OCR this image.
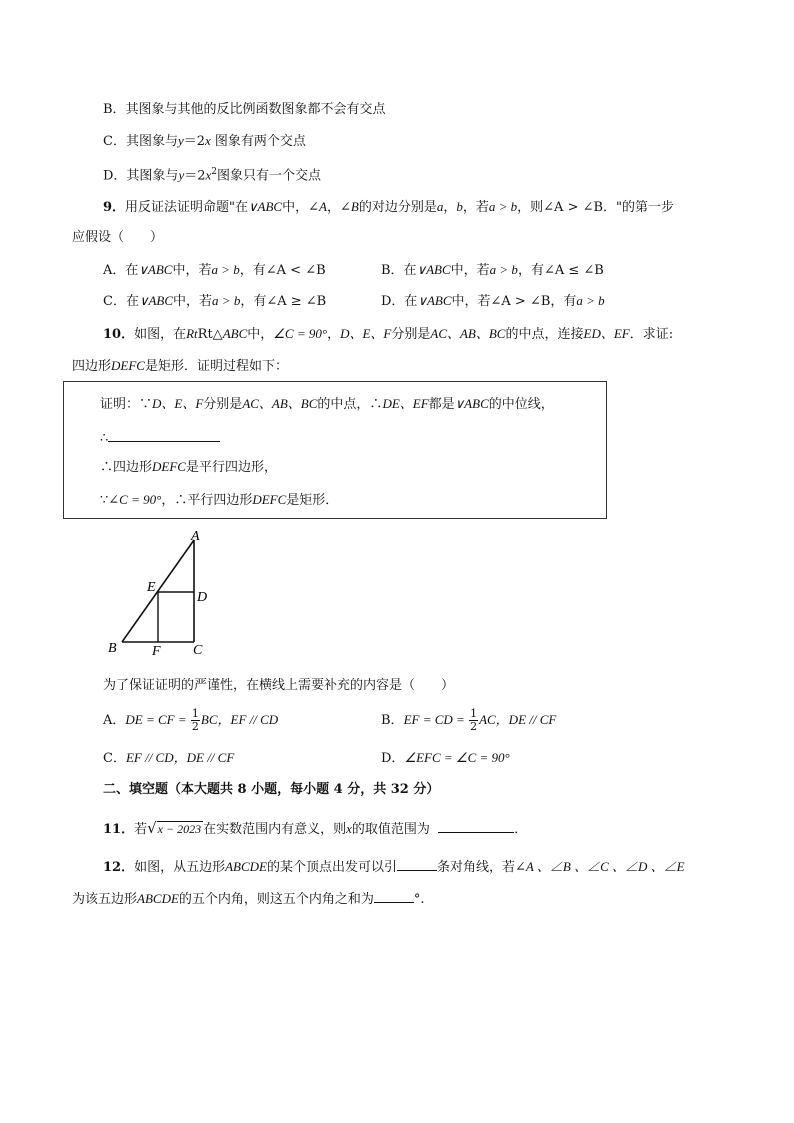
B．其图象与其他的反比例函数图象都不会有交点
C．其图象与y＝2x 图象有两个交点
D．其图象与$y=2x^2$图象只有一个交点
9．用反证法证明命题"在∨ABC中，∠A，∠B的对边分别是a，b，若a > b，则∠A > ∠B．"的第一步
应假设（　　）
A．在∨ABC中，若a > b，有∠A < ∠B	B．在∨ABC中，若a > b，有∠A ≤ ∠B
C．在∨ABC中，若a > b，有∠A ≥ ∠B	D．在∨ABC中，若∠A > ∠B，有a > b
10．如图，在RtRt△ABC中，∠C = 90°，D、E、F分别是AC、AB、BC的中点，连接ED、EF．求证:
四边形DEFC是矩形．证明过程如下：
证明：∵D、E、F分别是AC、AB、BC的中点，∴DE、EF都是∨ABC的中位线，
∴
∴四边形DEFC是平行四边形，
∵∠C = 90°，∴平行四边形DEFC是矩形．
A
B	C
D
E
F
为了保证证明的严谨性，在横线上需要补充的内容是（　　）
A．DE = CF = $\frac{1}{2}$ BC，EF // CD	B．EF = CD = $\frac{1}{2}$ AC，DE // CF
C．EF // CD，DE // CF	D．∠EFC = ∠C = 90°
二、填空题（本大题共 8 小题，每小题 4 分，共 32 分）
11．若√x − 2023 在实数范围内有意义，则x的取值范围为	．
12．如图，从五边形ABCDE的某个顶点出发可以引	条对角线，若∠A 、∠B 、∠C 、∠D 、∠E
为该五边形ABCDE的五个内角，则这五个内角之和为	°.
